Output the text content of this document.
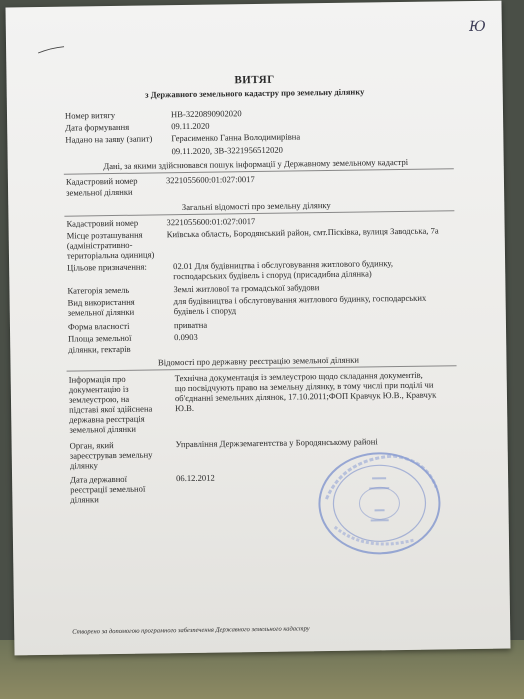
Ю
ВИТЯГ
з Державного земельного кадастру про земельну ділянку
Номер витягу	НВ-3220890902020
Дата формування	09.11.2020
Надано на заяву (запит)	Герасименко Ганна Володимирівна
09.11.2020, ЗВ-3221956512020
Дані, за якими здійснювався пошук інформації у Державному земельному кадастрі
Кадастровий номер	3221055600:01:027:0017
земельної ділянки
Загальні відомості про земельну ділянку
Кадастровий номер	3221055600:01:027:0017
Місце розташування	Київська область, Бородянський район, смт.Пісківка, вулиця Заводська, 7а
(адміністративно-
територіальна одиниця)
Цільове призначення:	02.01 Для будівництва і обслуговування житлового будинку,
господарських будівель і споруд (присадибна ділянка)
Категорія земель	Землі житлової та громадської забудови
Вид використання	для будівництва і обслуговування житлового будинку, господарських
земельної ділянки	будівель і споруд
Форма власності	приватна
Площа земельної	0.0903
ділянки, гектарів
Відомості про державну реєстрацію земельної ділянки
Інформація про	Технічна документація із землеустрою щодо складання документів,
документацію із	що посвідчують право на земельну ділянку, в тому числі при поділі чи
землеустрою, на	об'єднанні земельних ділянок, 17.10.2011;ФОП Кравчук Ю.В., Кравчук
підставі якої здійснена	Ю.В.
державна реєстрація
земельної ділянки
Орган, який	Управління Держземагентства у Бородянському районі
зареєстрував земельну
ділянку
Дата державної	06.12.2012
реєстрації земельної
ділянки
Створено за допомогою програмного забезпечення Державного земельного кадастру
